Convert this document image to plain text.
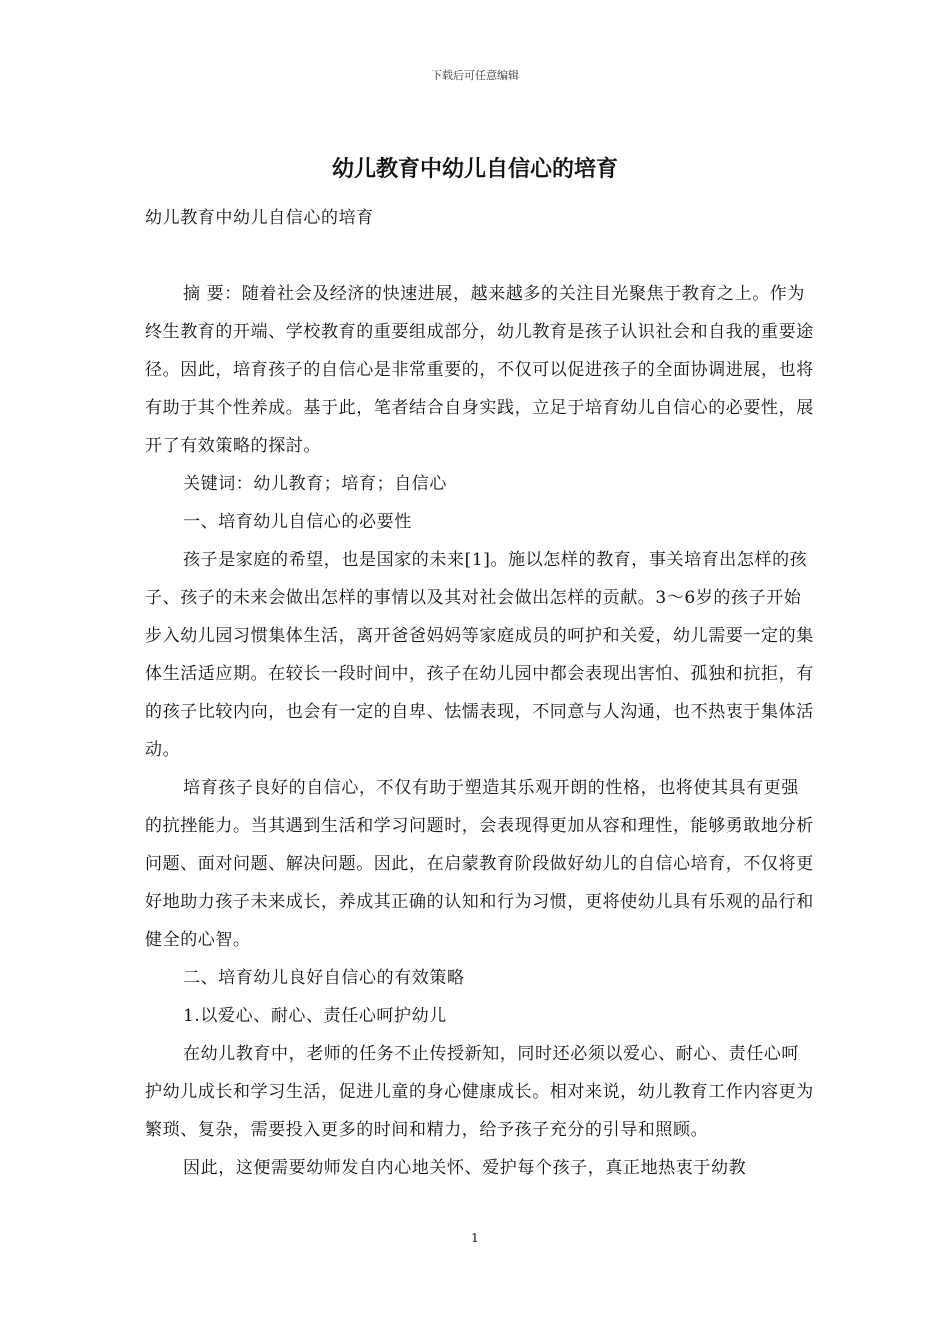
下载后可任意编辑
幼儿教育中幼儿自信心的培育

幼儿教育中幼儿自信心的培育

摘 要：随着社会及经济的快速进展，越来越多的关注目光聚焦于教育之上。作为终生教育的开端、学校教育的重要组成部分，幼儿教育是孩子认识社会和自我的重要途径。因此，培育孩子的自信心是非常重要的，不仅可以促进孩子的全面协调进展，也将有助于其个性养成。基于此，笔者结合自身实践，立足于培育幼儿自信心的必要性，展开了有效策略的探討。

关键词：幼儿教育；培育；自信心

一、培育幼儿自信心的必要性

孩子是家庭的希望，也是国家的未来[1]。施以怎样的教育，事关培育出怎样的孩子、孩子的未来会做出怎样的事情以及其对社会做出怎样的贡献。3～6岁的孩子开始步入幼儿园习惯集体生活，离开爸爸妈妈等家庭成员的呵护和关爱，幼儿需要一定的集体生活适应期。在较长一段时间中，孩子在幼儿园中都会表现出害怕、孤独和抗拒，有的孩子比较内向，也会有一定的自卑、怯懦表现，不同意与人沟通，也不热衷于集体活动。

培育孩子良好的自信心，不仅有助于塑造其乐观开朗的性格，也将使其具有更强的抗挫能力。当其遇到生活和学习问题时，会表现得更加从容和理性，能够勇敢地分析问题、面对问题、解决问题。因此，在启蒙教育阶段做好幼儿的自信心培育，不仅将更好地助力孩子未来成长，养成其正确的认知和行为习惯，更将使幼儿具有乐观的品行和健全的心智。

二、培育幼儿良好自信心的有效策略

1.以爱心、耐心、责任心呵护幼儿

在幼儿教育中，老师的任务不止传授新知，同时还必须以爱心、耐心、责任心呵护幼儿成长和学习生活，促进儿童的身心健康成长。相对来说，幼儿教育工作内容更为繁琐、复杂，需要投入更多的时间和精力，给予孩子充分的引导和照顾。

因此，这便需要幼师发自内心地关怀、爱护每个孩子，真正地热衷于幼教

1
